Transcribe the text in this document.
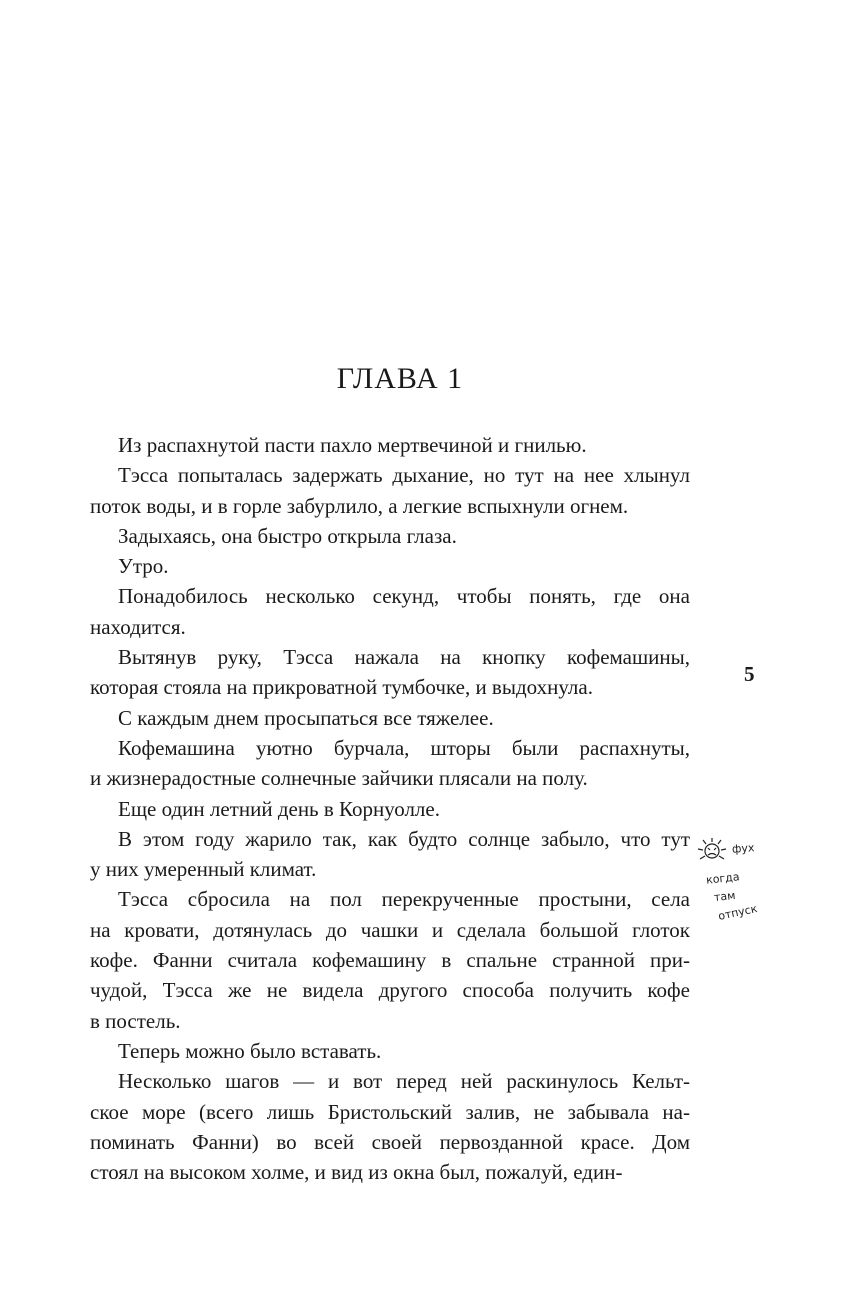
ГЛАВА 1
Из распахнутой пасти пахло мертвечиной и гнилью.
Тэсса попыталась задержать дыхание, но тут на нее хлынул
поток воды, и в горле забурлило, а легкие вспыхнули огнем.
Задыхаясь, она быстро открыла глаза.
Утро.
Понадобилось несколько секунд, чтобы понять, где она
находится.
Вытянув руку, Тэсса нажала на кнопку кофемашины,
которая стояла на прикроватной тумбочке, и выдохнула.
С каждым днем просыпаться все тяжелее.
Кофемашина уютно бурчала, шторы были распахнуты,
и жизнерадостные солнечные зайчики плясали на полу.
Еще один летний день в Корнуолле.
В этом году жарило так, как будто солнце забыло, что тут
у них умеренный климат.
Тэсса сбросила на пол перекрученные простыни, села
на кровати, дотянулась до чашки и сделала большой глоток
кофе. Фанни считала кофемашину в спальне странной при-
чудой, Тэсса же не видела другого способа получить кофе
в постель.
Теперь можно было вставать.
Несколько шагов — и вот перед ней раскинулось Кельт-
ское море (всего лишь Бристольский залив, не забывала на-
поминать Фанни) во всей своей первозданной красе. Дом
стоял на высоком холме, и вид из окна был, пожалуй, един-
5
фух
когда
там
отпуск
